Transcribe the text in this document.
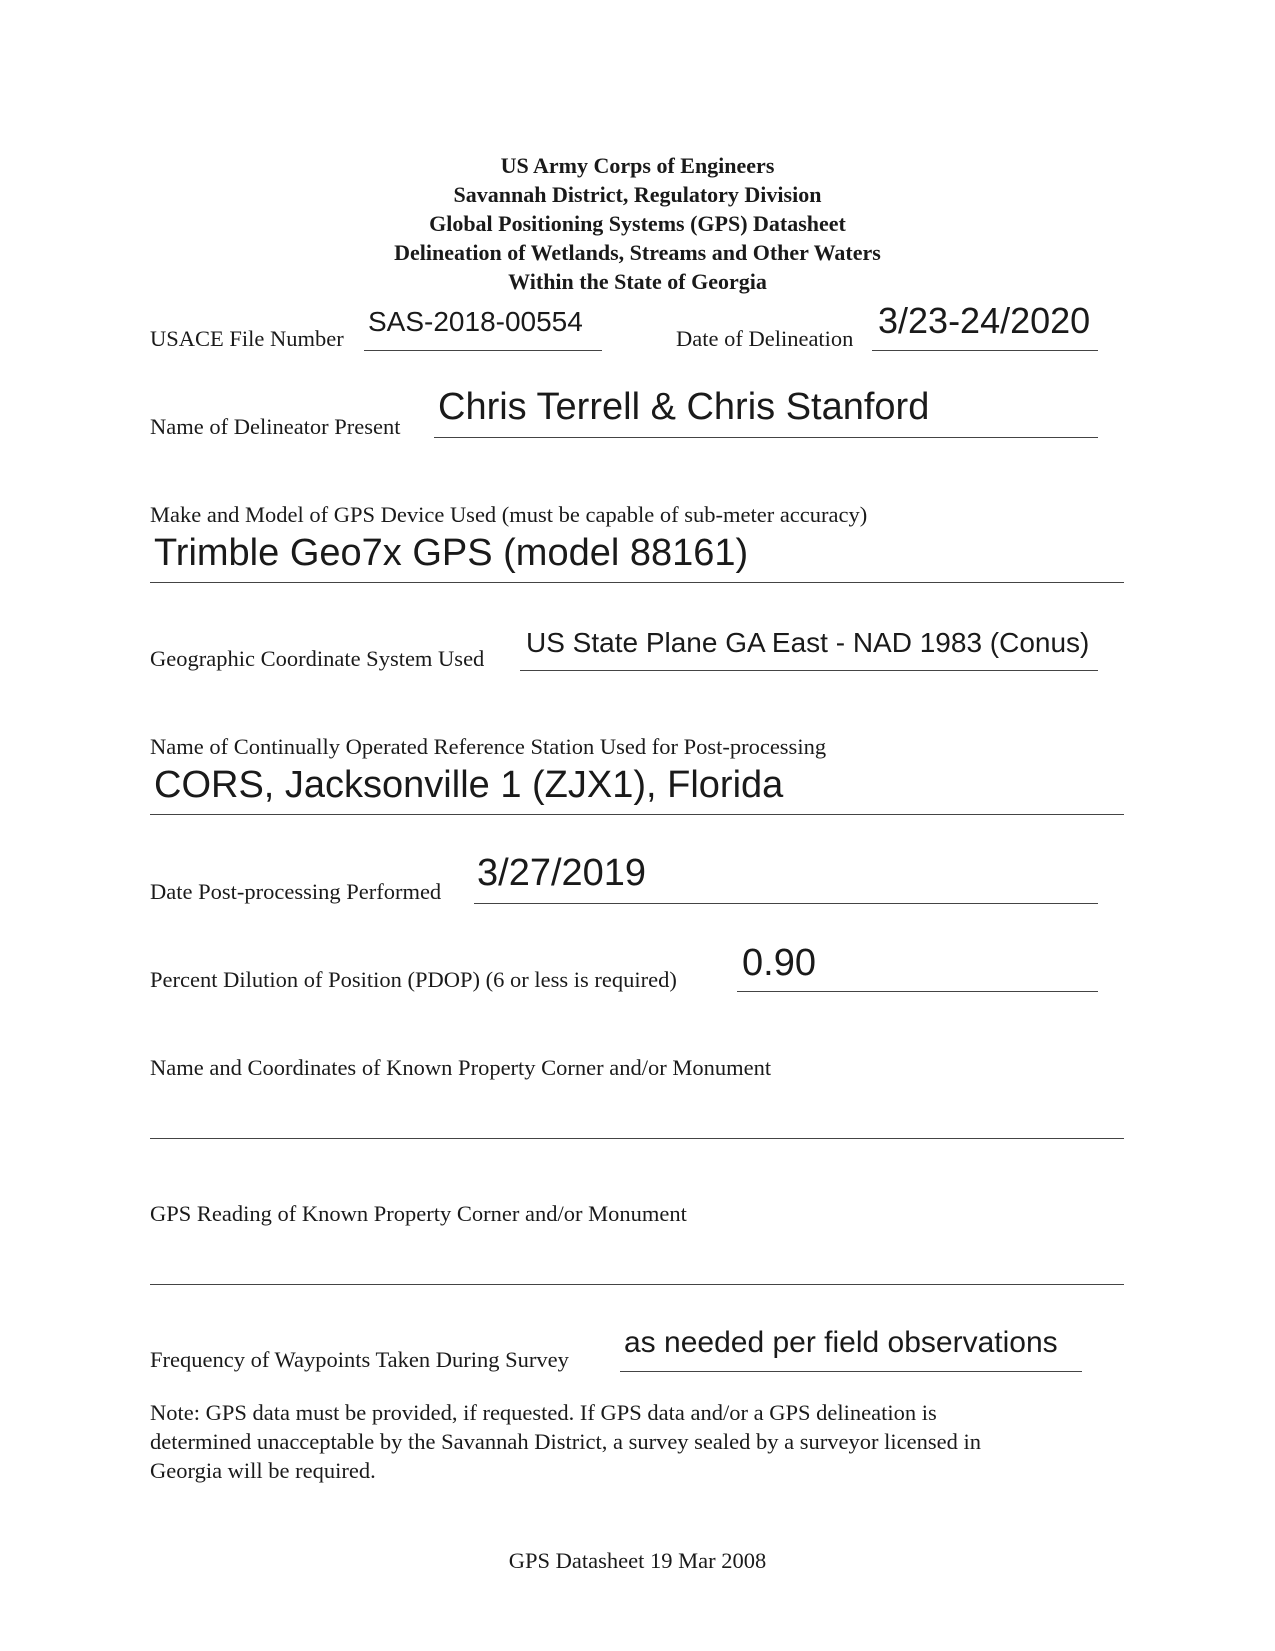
US Army Corps of Engineers
Savannah District, Regulatory Division
Global Positioning Systems (GPS) Datasheet
Delineation of Wetlands, Streams and Other Waters
Within the State of Georgia
USACE File Number
SAS-2018-00554
Date of Delineation 3/23-24/2020
Name of Delineator Present Chris Terrell & Chris Stanford
Make and Model of GPS Device Used (must be capable of sub-meter accuracy)
Trimble Geo7x GPS (model 88161)
Geographic Coordinate System Used
US State Plane GA East - NAD 1983 (Conus)
Name of Continually Operated Reference Station Used for Post-processing
CORS, Jacksonville 1 (ZJX1), Florida
Date Post-processing Performed 3/27/2019
Percent Dilution of Position (PDOP) (6 or less is required) 0.90
Name and Coordinates of Known Property Corner and/or Monument
GPS Reading of Known Property Corner and/or Monument
Frequency of Waypoints Taken During Survey
as needed per field observations
Note: GPS data must be provided, if requested. If GPS data and/or a GPS delineation is
determined unacceptable by the Savannah District, a survey sealed by a surveyor licensed in
Georgia will be required.
GPS Datasheet 19 Mar 2008
